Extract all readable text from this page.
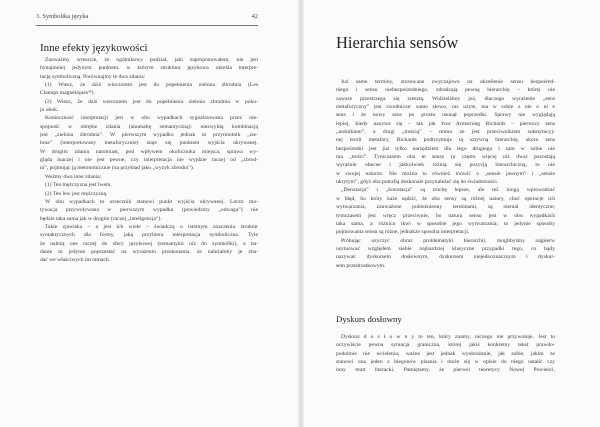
3. Symbolika języka	42
Inne efekty językowości
Zauważmy wreszcie, że ogólnikowy podział, jaki zaproponowałem, nie jest
bynajmniej jedynym punktem, w którym struktura językowa określa interpre-
tację symboliczną. Porównajmy te dwa zdania:
(1) Wiesz, że dziś wieczorem jest do popełnienia zielona zbrodnia (Les
Champs magnétiques³⁹).
(2) Wiesz, że dziś wieczorem jest do popełnienia zielona zbrodnia w poko-
ju obok.
Konieczność interpretacji jest w obu wypadkach sygnalizowana przez nie-
spójność w obrębie zdania (anomalię semantyczną): niezwykłą kombinacją
jest „zielona zbrodnia”. W pierwszym wypadku jednak to przymiotnik „zie-
lona” (interpretowany metaforycznie) staje się punktem wyjścia ukrywanej.
W drugim zdaniu natomiast, pod wpływem okolicznika miejsca, sprawa wy-
gląda inaczej i nie jest pewne, czy interpretacja nie wyjdzie raczej od „zbrod-
ni”, pojmując ją metonimicznie (na przykład jako „wyzyk zbrodni”).
Weźmy dwa inne zdania:
(1) Ten mężczyzna jest lwem.
(2) Ten lew jest mężczyzną.
W obu wypadkach to orzecznik stanowi punkt wyjścia ukrywanej. Leczn mo-
tywacja przywoływana w pierwszym wypadku (powiedzmy „odwaga”) nie
będzie taka sama jak w drugim (raczej „inteligencja”).
Takie zjawiska – a jest ich wiele – świadczą o istotnym znaczeniu struktur
syntaktycznych dla formy, jaką przybiera interpretacja symboliczna. Tyle
że należą one raczej do sfery językowej (semantykii niż do symboliki), a ba-
danie to jedynie poprzestać na wyrażeniu przekonania, że należałoby je zba-
dać we właściwych im ramach.
Hierarchia sensów
Już same terminy, stosowane zwyczajowo na określenie sensu bezpośred-
niego i sensu niebezpośredniego, zdradzają pewną hierarchię – której nie
zawsze przestrzega się zresztą. Widzieliśmy już, dlaczego wyrażenie „sens
metaforyczny” jest zwodnicze: samo słowo, raz użyte, ma w sobie z nie o ni e
sens i że nowy sens po prostu usunął poprzedni. Sprawy nie wyglądają
lepiej, kiedy nazywa się – tak jak Ivor Armstrong Richards – pierwszy sens
„nośnikiem”, a drugi „treścią” – mimo że jest przeciwnikiem substytucyj-
nej teorii metafory, Richards podtrzymuje tą sztywną hierarchię, skoro sens
bezpośredni jest już tylko narzędziem dla tego drugiego i sam w sobie nie
ma „treści”. Tymczasem oba te sensy (a często więcej niż dwa) pozostają
wyraźnie obecne i jakkolwiek różnią się pozycją hierarchiczną, to nie
w swojej naturze. Nie można tu również mówić o „sensie jawnym” i „sensie
ukrytym”, gdyż oba potrafią doskonale przynależeć się do świadomości.
„Denotacja” i „konotacja” są trochę lepsze, ale też mogą wprowadzać
w błąd, bo który każe sądzić, że oba sensy są różnej natury, choć operacje ich
wytwarzania, zauważone pobieżnienny terminami, są niemal identyczne;
tymczasem jest wręcz przeciwnie, bo natura sensu jest w obu wypadkach
taka sama, a różnica tkwi w sposobie jego wytwarzania; to jedynie sposoby
pojmowania sensu są różne, jednakże sposoba interpretacji.
Próbując uzyczyć obraz problematyki hierarchii, moglibyśmy najpierw
usytuować względem siebie najbardziej klasyczne przypadki tego, co bądy
nazywał: dyskursem dosłownym, dyskursem niejednoznacznym i dyskur-
sem przedrostkowym.
Dyskurs dosłowny
Dyskurs d o s ł o w n y to ten, który znamy, niczego nie przywołuje. Jest to
oczywiście pewna sytuacja graniczna, której jakiś konkretny tekst prawdo-
podobnie nie wcielenia; ważne jest jednak wyobrażanie, jak sobie, jakim ze
stanowi ona jeden z biegunów pisania i może się w opisie do niego ustalić czy
inny mutt literacki. Pamiętamy, że pierwsi teoretycy Nowej Powieści,
